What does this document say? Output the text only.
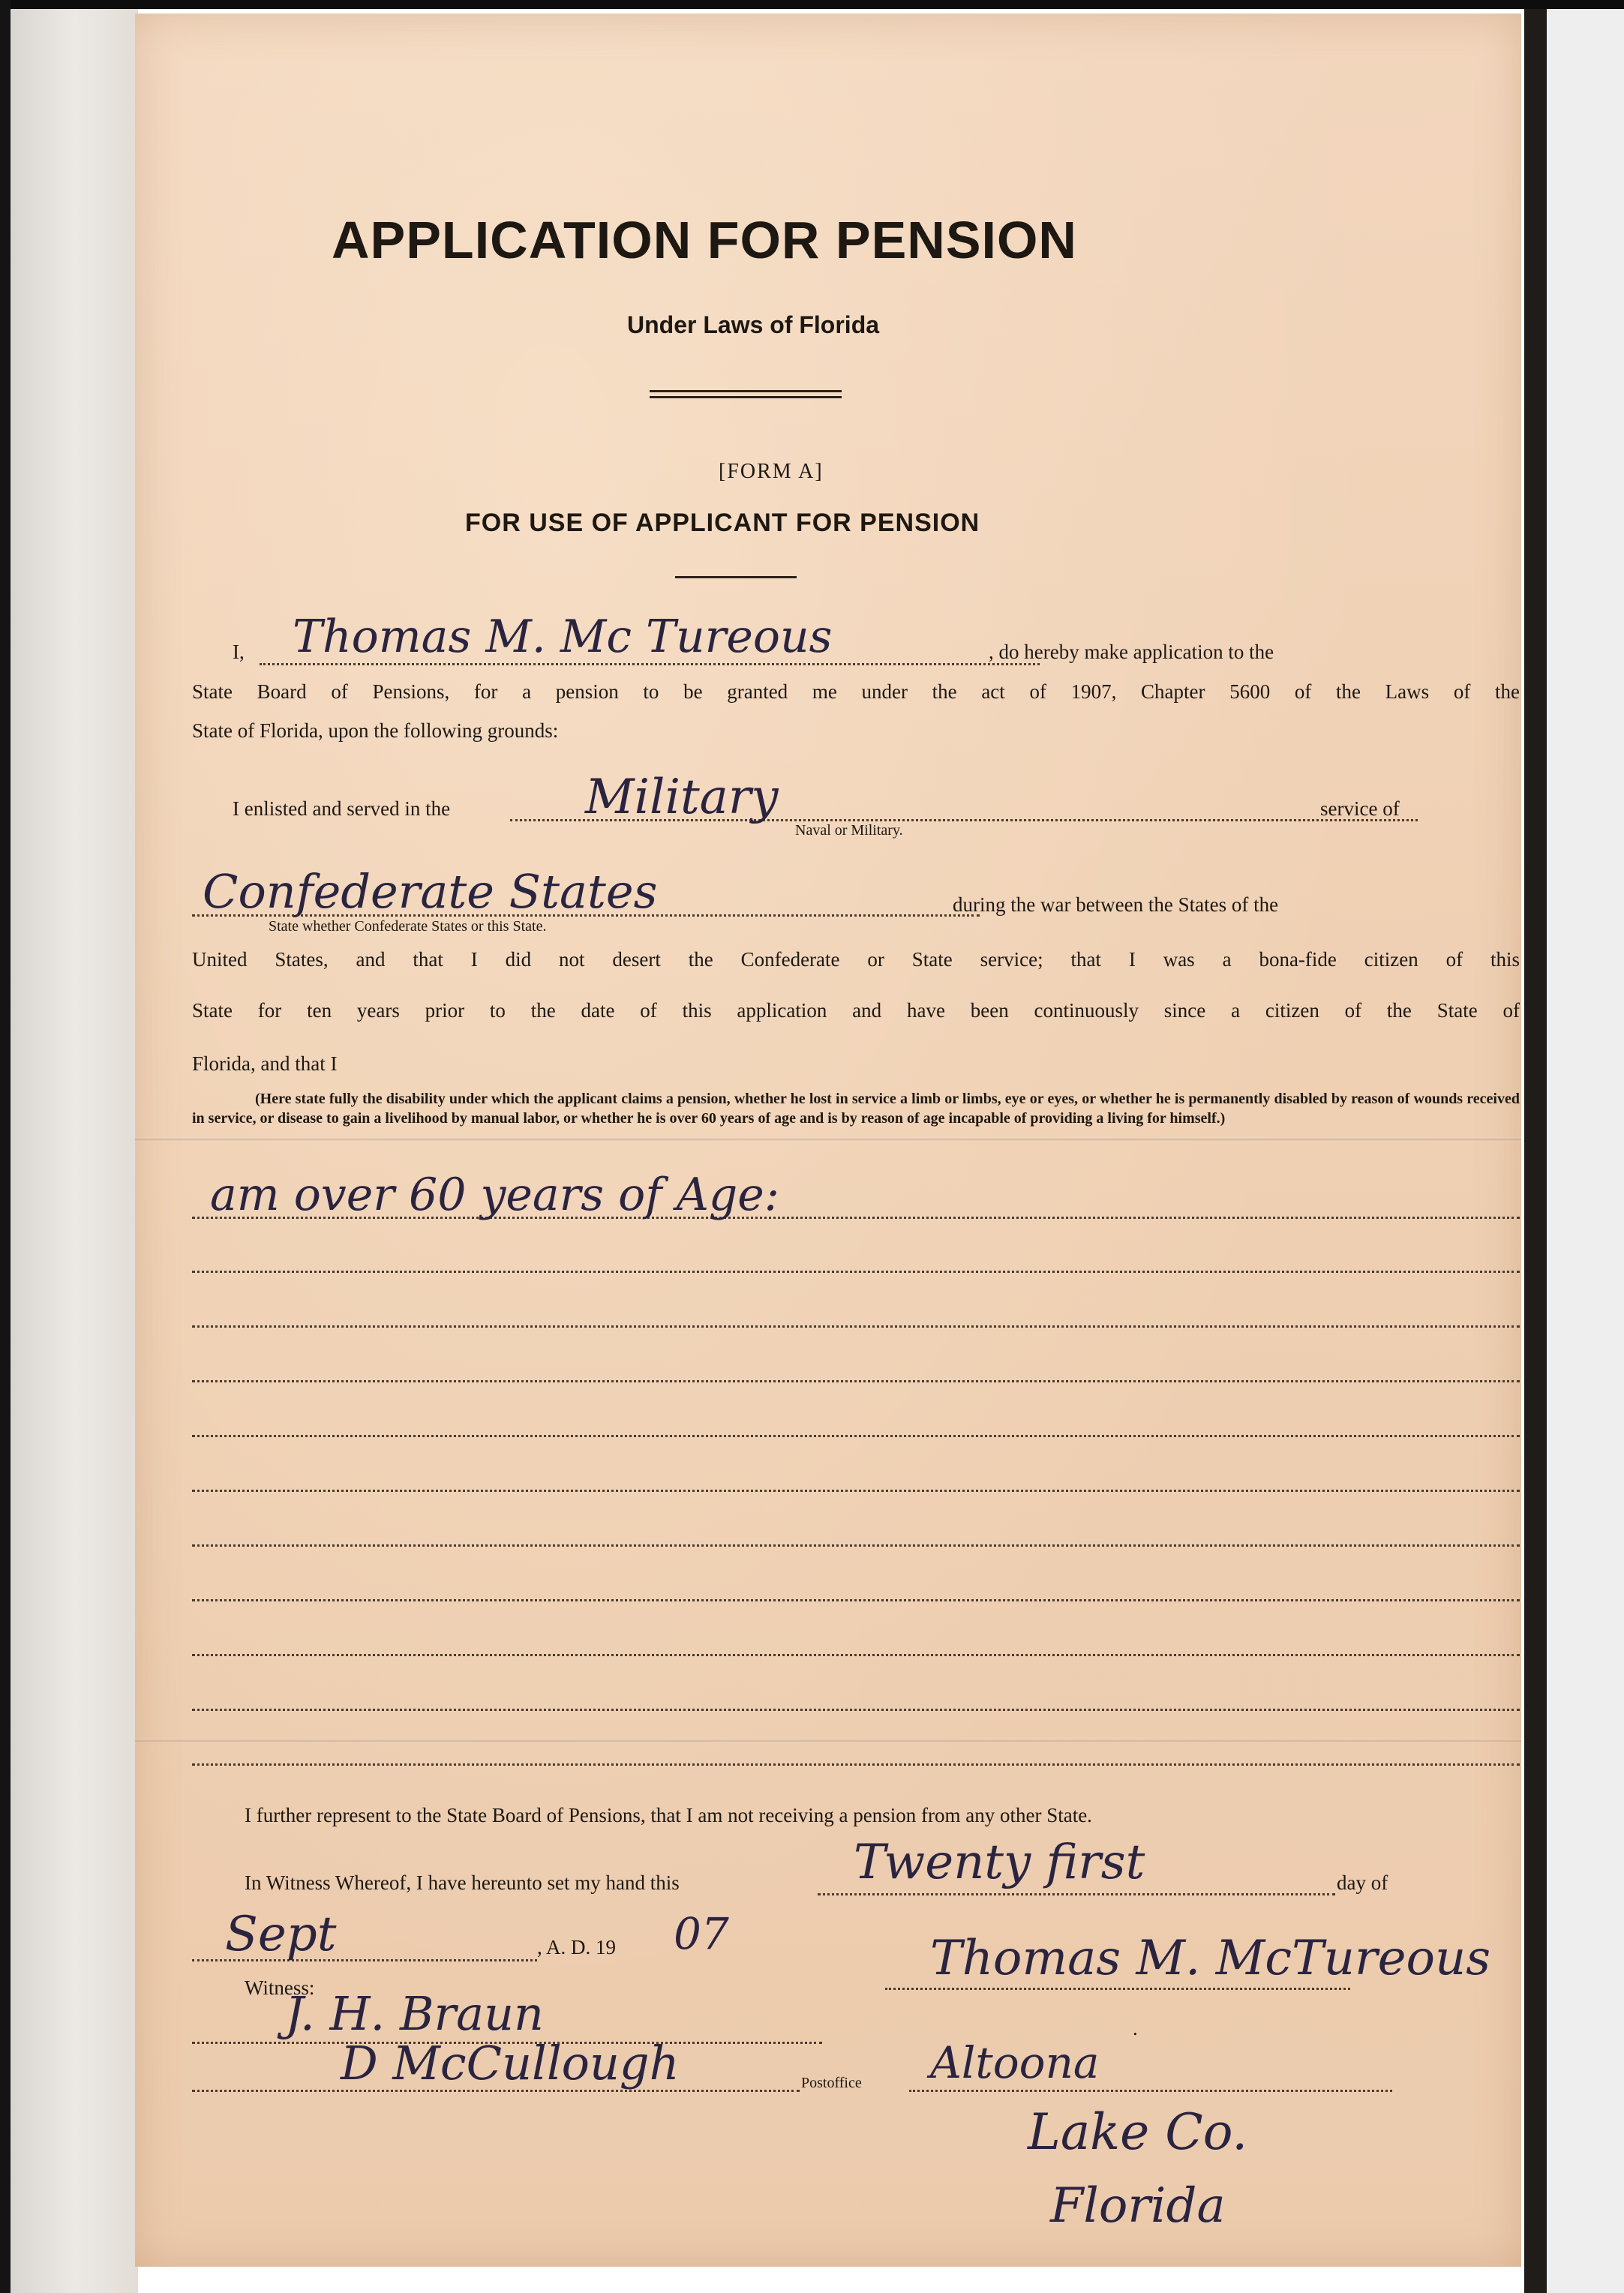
APPLICATION FOR PENSION
Under Laws of Florida
[FORM A]
FOR USE OF APPLICANT FOR PENSION
I, Thomas M. Mc Tureous	, do hereby make application to the
State Board of Pensions, for a pension to be granted me under the act of 1907, Chapter 5600 of the Laws of the
State of Florida, upon the following grounds:
I enlisted and served in the	Military	service of
Naval or Military.
Confederate States	during the war between the States of the
State whether Confederate States or this State.
United States, and that I did not desert the Confederate or State service; that I was a bona-fide citizen of this
State for ten years prior to the date of this application and have been continuously since a citizen of the State of
Florida, and that I
(Here state fully the disability under which the applicant claims a pension, whether he lost in service a limb or limbs, eye or eyes, or whether he is permanently disabled by reason of wounds received in service, or disease to gain a livelihood by manual labor, or whether he is over 60 years of age and is by reason of age incapable of providing a living for himself.)
am over 60 years of Age:
I further represent to the State Board of Pensions, that I am not receiving a pension from any other State.
In Witness Whereof, I have hereunto set my hand this	Twenty first	day of
Sept	, A. D. 19 07
Witness:
Thomas M. McTureous
J. H. Braun	.
D McCullough	Postoffice Altoona
Lake Co.
Florida
